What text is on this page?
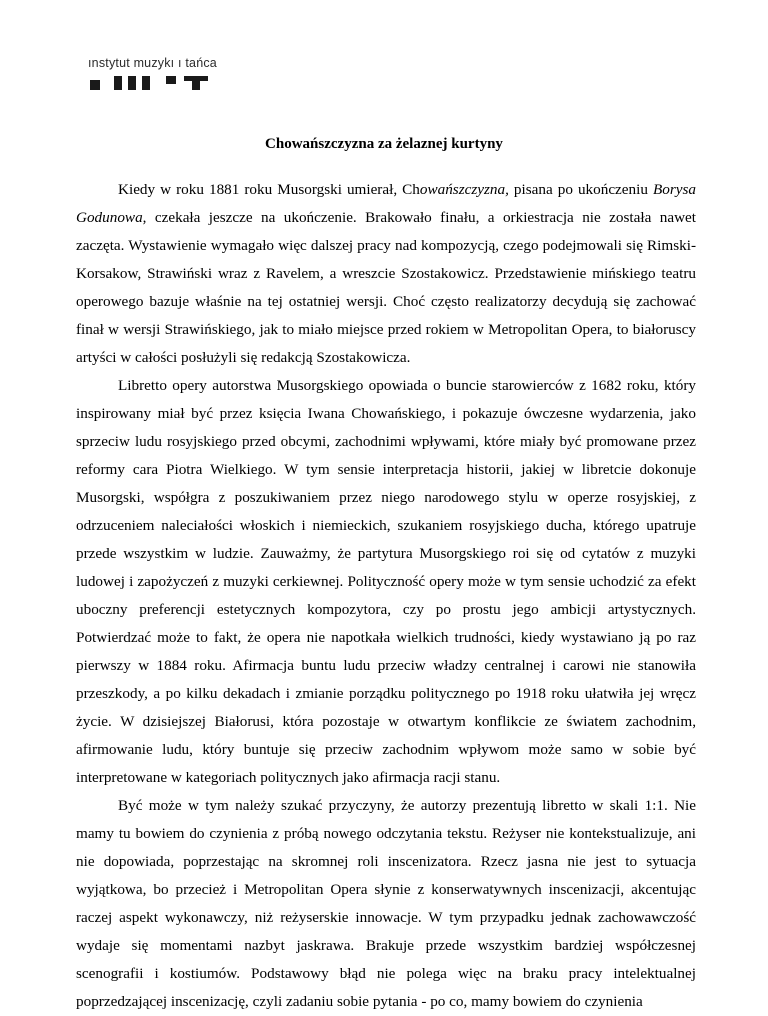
ınstytut muzykı ı tańca
Chowańszczyzna za żelaznej kurtyny

Kiedy w roku 1881 roku Musorgski umierał, Chowańszczyzna, pisana po ukończeniu Borysa Godunowa, czekała jeszcze na ukończenie. Brakowało finału, a orkiestracja nie została nawet zaczęta. Wystawienie wymagało więc dalszej pracy nad kompozycją, czego podejmowali się Rimski-Korsakow, Strawiński wraz z Ravelem, a wreszcie Szostakowicz. Przedstawienie mińskiego teatru operowego bazuje właśnie na tej ostatniej wersji. Choć często realizatorzy decydują się zachować finał w wersji Strawińskiego, jak to miało miejsce przed rokiem w Metropolitan Opera, to białoruscy artyści w całości posłużyli się redakcją Szostakowicza.

Libretto opery autorstwa Musorgskiego opowiada o buncie starowierców z 1682 roku, który inspirowany miał być przez księcia Iwana Chowańskiego, i pokazuje ówczesne wydarzenia, jako sprzeciw ludu rosyjskiego przed obcymi, zachodnimi wpływami, które miały być promowane przez reformy cara Piotra Wielkiego. W tym sensie interpretacja historii, jakiej w libretcie dokonuje Musorgski, współgra z poszukiwaniem przez niego narodowego stylu w operze rosyjskiej, z odrzuceniem naleciałości włoskich i niemieckich, szukaniem rosyjskiego ducha, którego upatruje przede wszystkim w ludzie. Zauważmy, że partytura Musorgskiego roi się od cytatów z muzyki ludowej i zapożyczeń z muzyki cerkiewnej. Polityczność opery może w tym sensie uchodzić za efekt uboczny preferencji estetycznych kompozytora, czy po prostu jego ambicji artystycznych. Potwierdzać może to fakt, że opera nie napotkała wielkich trudności, kiedy wystawiano ją po raz pierwszy w 1884 roku. Afirmacja buntu ludu przeciw władzy centralnej i carowi nie stanowiła przeszkody, a po kilku dekadach i zmianie porządku politycznego po 1918 roku ułatwiła jej wręcz życie. W dzisiejszej Białorusi, która pozostaje w otwartym konflikcie ze światem zachodnim, afirmowanie ludu, który buntuje się przeciw zachodnim wpływom może samo w sobie być interpretowane w kategoriach politycznych jako afirmacja racji stanu.

Być może w tym należy szukać przyczyny, że autorzy prezentują libretto w skali 1:1. Nie mamy tu bowiem do czynienia z próbą nowego odczytania tekstu. Reżyser nie kontekstualizuje, ani nie dopowiada, poprzestając na skromnej roli inscenizatora. Rzecz jasna nie jest to sytuacja wyjątkowa, bo przecież i Metropolitan Opera słynie z konserwatywnych inscenizacji, akcentując raczej aspekt wykonawczy, niż reżyserskie innowacje. W tym przypadku jednak zachowawczość wydaje się momentami nazbyt jaskrawa. Brakuje przede wszystkim bardziej współczesnej scenografii i kostiumów. Podstawowy błąd nie polega więc na braku pracy intelektualnej poprzedzającej inscenizację, czyli zadaniu sobie pytania - po co, mamy bowiem do czynienia
